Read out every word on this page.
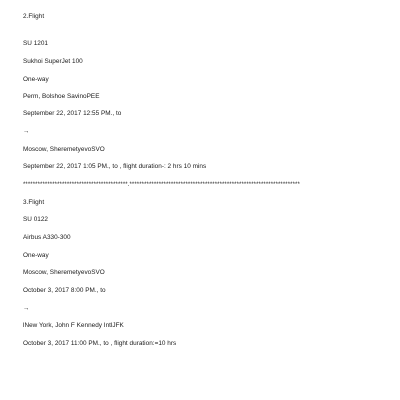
2.Flight
SU 1201
Sukhoi SuperJet 100
One-way
Perm, Bolshoe SavinoPEE
September 22, 2017 12:55 PM., to
→
Moscow, SheremetyevoSVO
September 22, 2017 1:05 PM., to , flight duration-: 2 hrs 10 mins
*******************************************.**********************************************************************
3.Flight
SU 0122
Airbus A330-300
One-way
Moscow, SheremetyevoSVO
October 3, 2017 8:00 PM., to
→
lNew York, John F Kennedy IntlJFK
October 3, 2017 11:00 PM., to , flight duration:=10 hrs
